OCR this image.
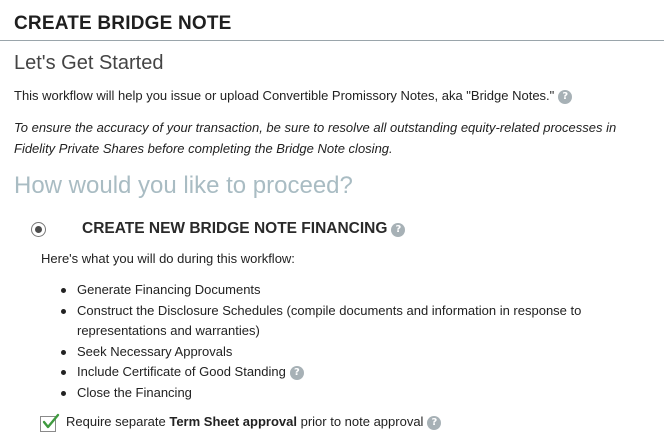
CREATE BRIDGE NOTE
Let's Get Started
This workflow will help you issue or upload Convertible Promissory Notes, aka "Bridge Notes." ?
To ensure the accuracy of your transaction, be sure to resolve all outstanding equity-related processes in Fidelity Private Shares before completing the Bridge Note closing.
How would you like to proceed?
CREATE NEW BRIDGE NOTE FINANCING ?
Here's what you will do during this workflow:
Generate Financing Documents
Construct the Disclosure Schedules (compile documents and information in response to representations and warranties)
Seek Necessary Approvals
Include Certificate of Good Standing ?
Close the Financing
Require separate Term Sheet approval prior to note approval ?
